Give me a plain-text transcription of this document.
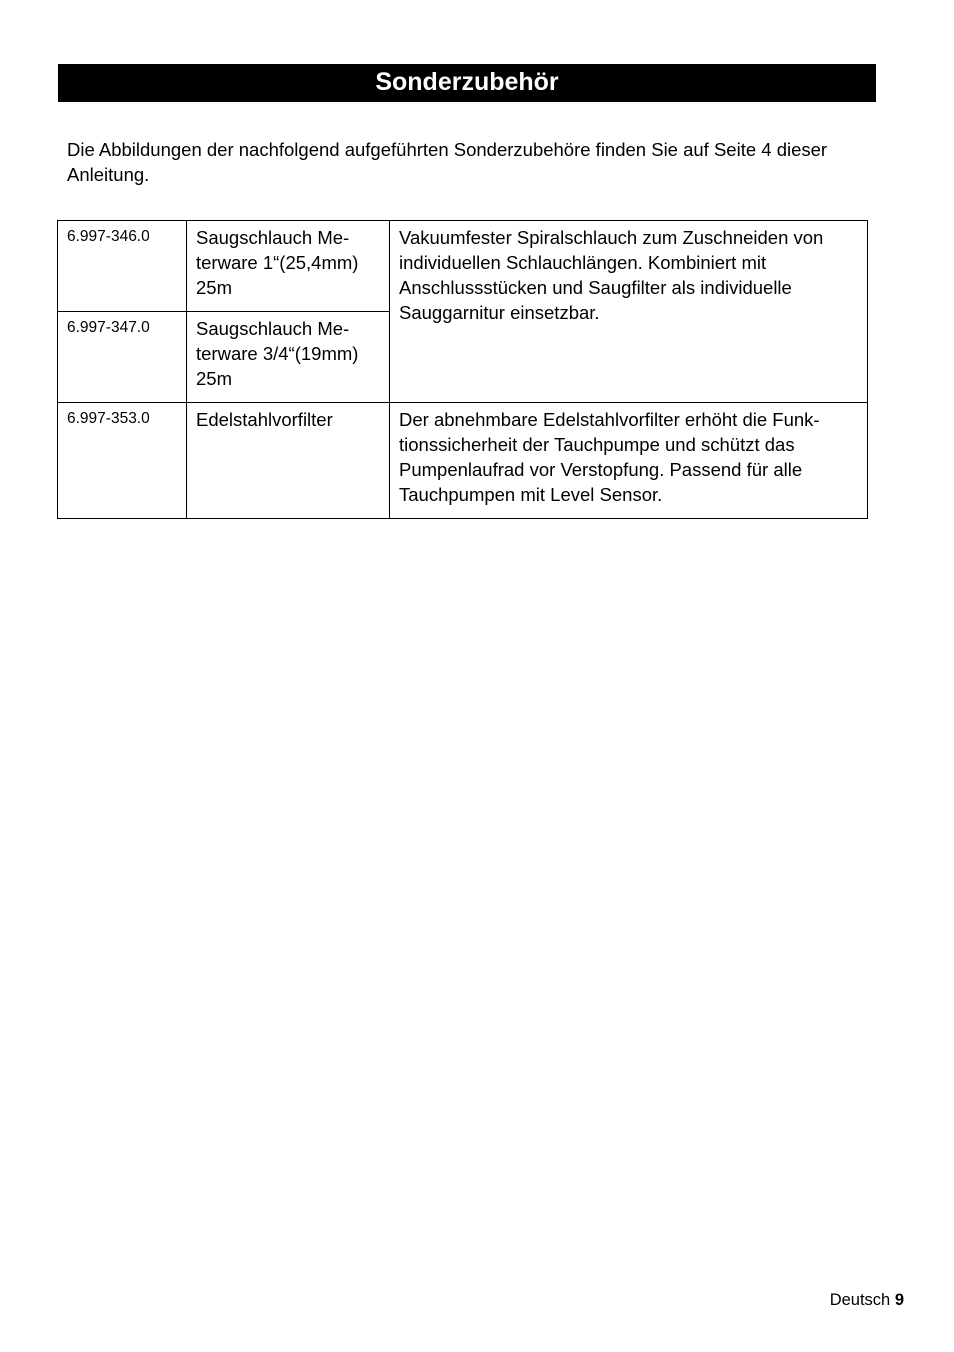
Sonderzubehör

Die Abbildungen der nachfolgend aufgeführten Sonderzubehöre finden Sie auf Seite 4 dieser Anleitung.

6.997-346.0	Saugschlauch Me-
terware 1“(25,4mm)
25m	Vakuumfester Spiralschlauch zum Zuschneiden von individuellen Schlauchlängen. Kombiniert mit Anschlussstücken und Saugfilter als individuelle Sauggarnitur einsetzbar.
6.997-347.0	Saugschlauch Me-
terware 3/4“(19mm)
25m	

6.997-353.0	Edelstahlvorfilter	Der abnehmbare Edelstahlvorfilter erhöht die Funk-
tionssicherheit der Tauchpumpe und schützt das
Pumpenlaufrad vor Verstopfung. Passend für alle
Tauchpumpen mit Level Sensor.
Deutsch 9
